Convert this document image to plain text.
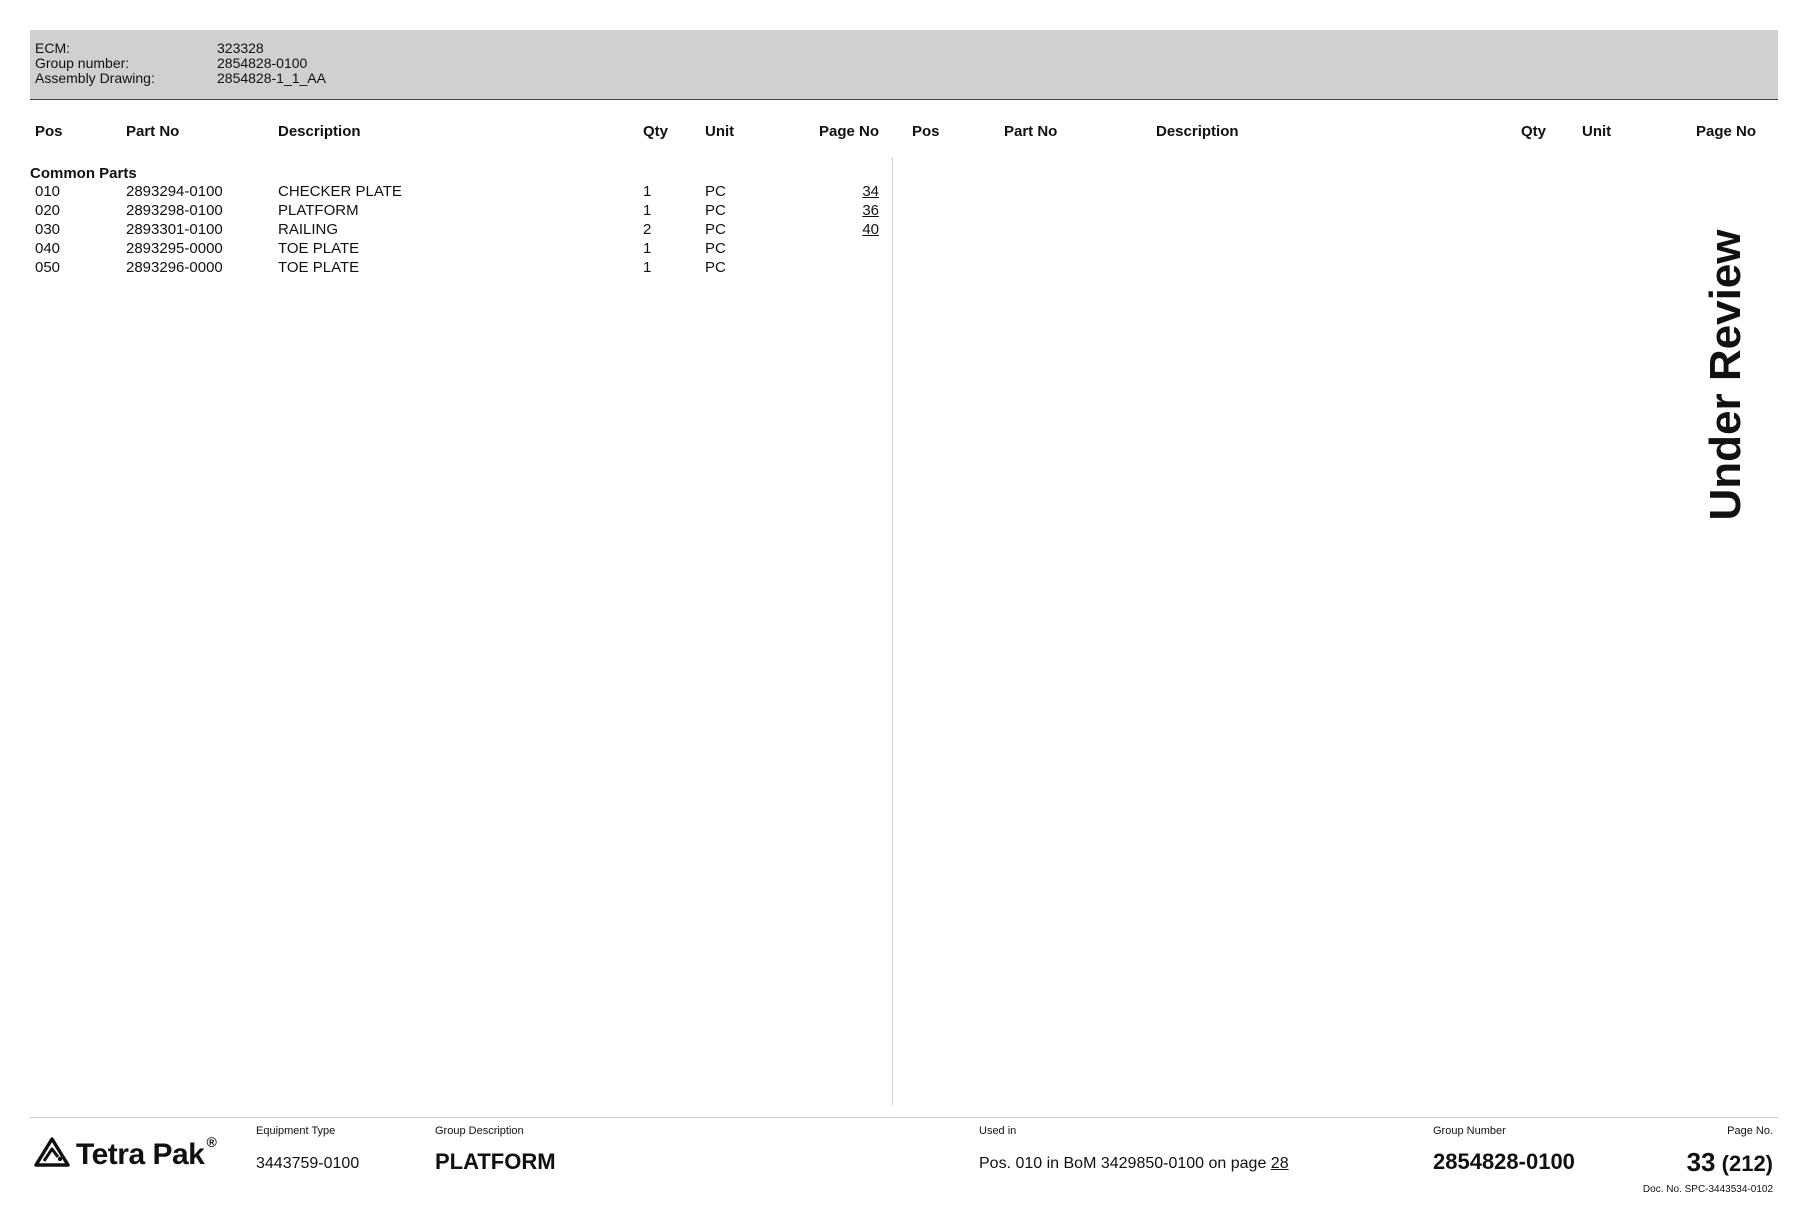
ECM:	323328
Group number:	2854828-0100
Assembly Drawing:	2854828-1_1_AA
Pos	Part No	Description	Qty Unit	Page No Pos	Part No	Description	Qty Unit	Page No
Common Parts
010	2893294-0100	CHECKER PLATE	1	PC	34
020	2893298-0100	PLATFORM	1	PC	36
030	2893301-0100	RAILING	2	PC	40
040	2893295-0000	TOE PLATE	1	PC
050	2893296-0000	TOE PLATE	1	PC	Under Review
Tetra Pak ®
Equipment Type
3443759-0100
Group Description
PLATFORM
Used in
Pos. 010 in BoM 3429850-0100 on page 28
Group Number
2854828-0100
Page No.
33 (212)
Doc. No. SPC-3443534-0102
